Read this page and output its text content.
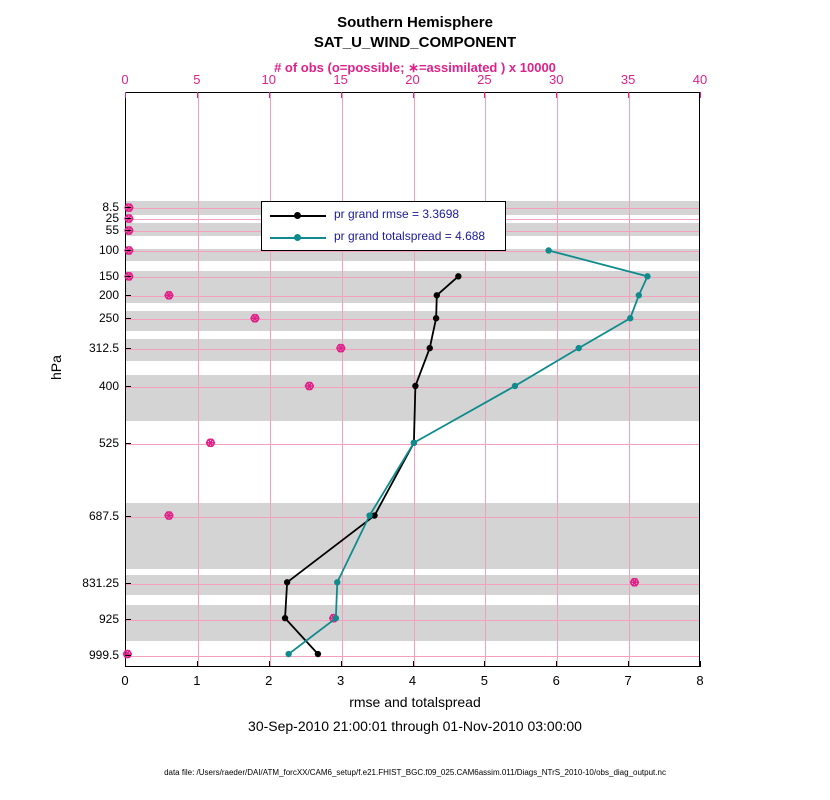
Southern Hemisphere
SAT_U_WIND_COMPONENT
# of obs (o=possible; ∗=assimilated ) x 10000
hPa
rmse and totalspread
30-Sep-2010 21:00:01 through 01-Nov-2010 03:00:00
data file: /Users/raeder/DAI/ATM_forcXX/CAM6_setup/f.e21.FHIST_BGC.f09_025.CAM6assim.011/Diags_NTrS_2010-10/obs_diag_output.nc
pr grand rmse = 3.3698
pr grand totalspread = 4.688
8.5
25
55
100
150
200
250
312.5
400
525
687.5
831.25
925
999.5
0	1	2	3	4	5	6	7	8
0	5	10	15	20	25	30	35	40
